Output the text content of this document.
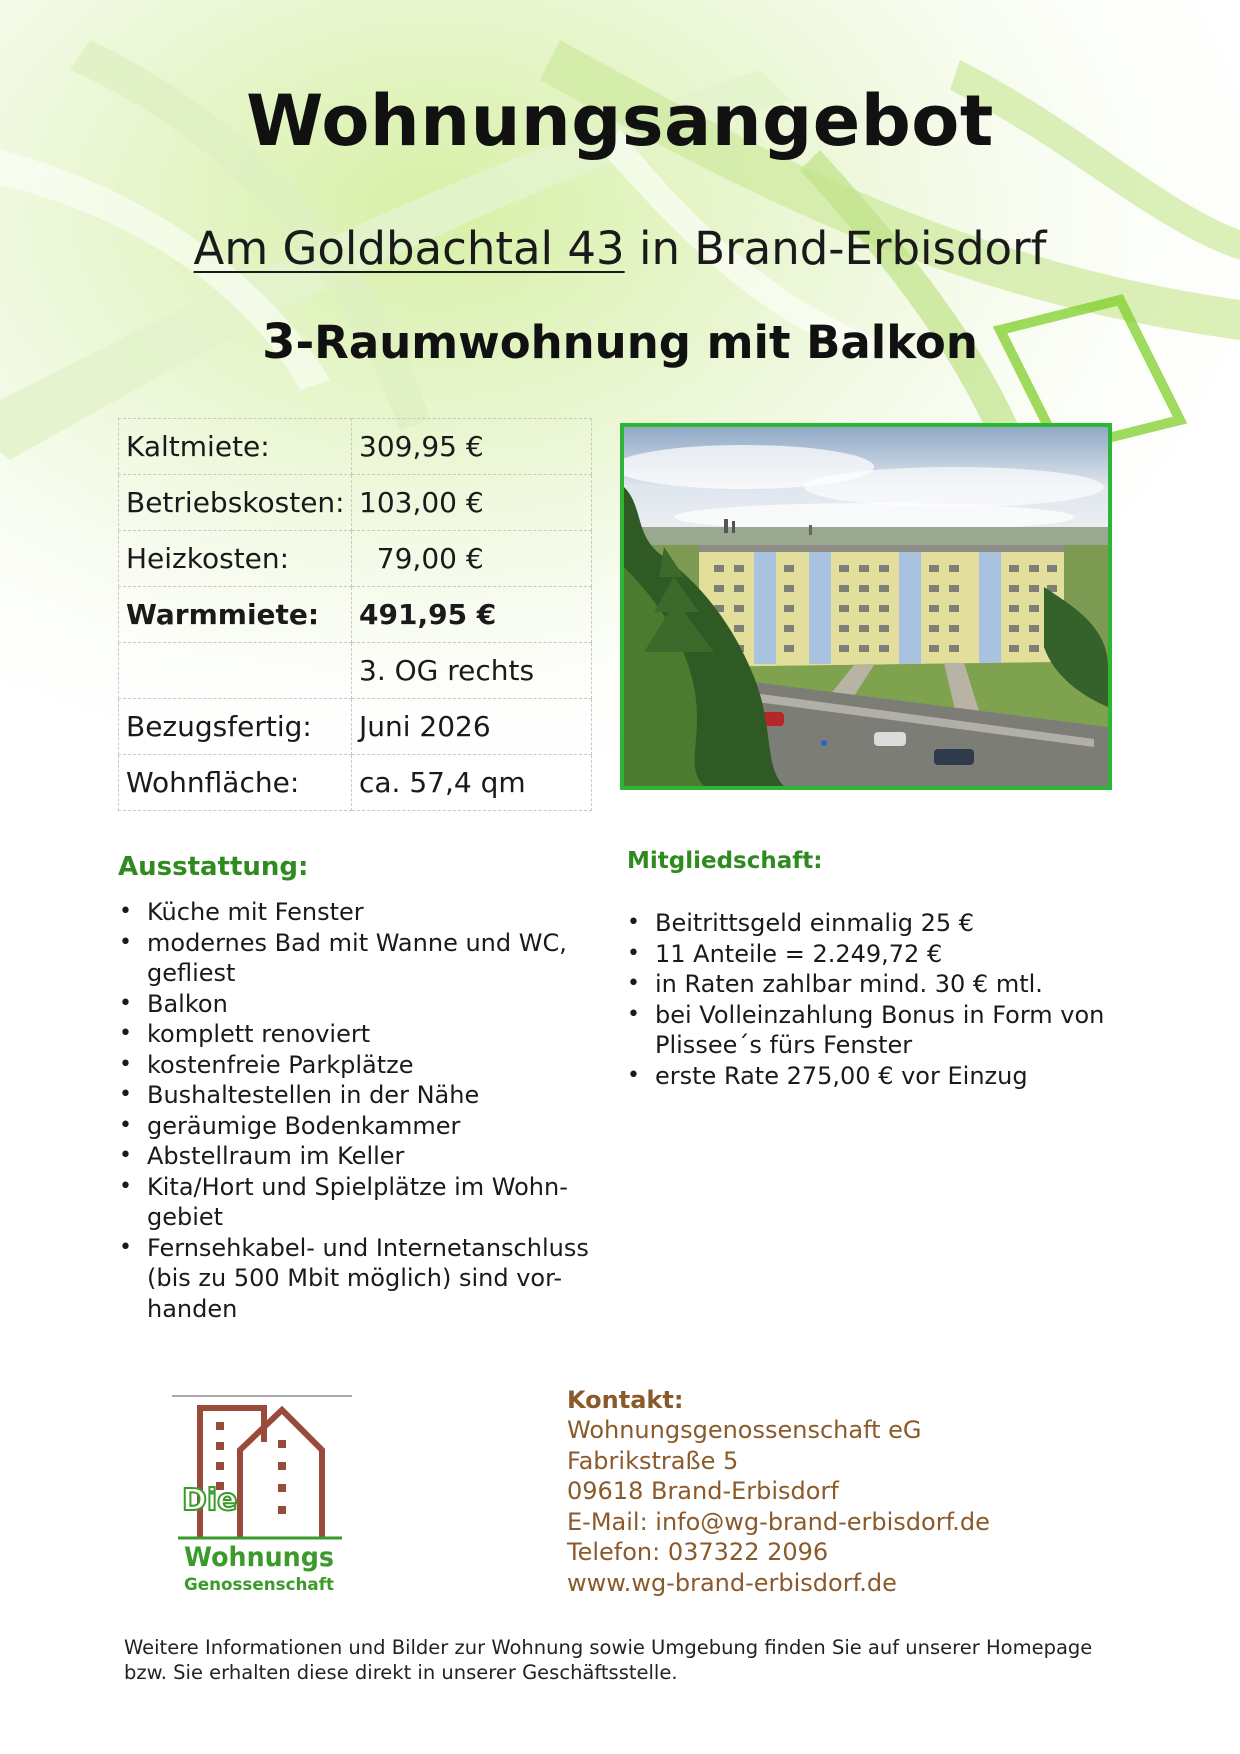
Wohnungsangebot
Am Goldbachtal 43 in Brand-Erbisdorf
3-Raumwohnung mit Balkon
Kaltmiete:	309,95 €
Betriebskosten:	103,00 €
Heizkosten:	79,00 €
Warmmiete:	491,95 €
	3. OG rechts
Bezugsfertig:	Juni 2026
Wohnfläche:	ca. 57,4 qm
Ausstattung:
• Küche mit Fenster
• modernes Bad mit Wanne und WC, gefliest
• Balkon
• komplett renoviert
• kostenfreie Parkplätze
• Bushaltestellen in der Nähe
• geräumige Bodenkammer
• Abstellraum im Keller
• Kita/Hort und Spielplätze im Wohn-gebiet
• Fernsehkabel- und Internetanschluss (bis zu 500 Mbit möglich) sind vor-handen
Mitgliedschaft:
• Beitrittsgeld einmalig 25 €
• 11 Anteile = 2.249,72 €
• in Raten zahlbar mind. 30 € mtl.
• bei Volleinzahlung Bonus in Form von Plissee´s fürs Fenster
• erste Rate 275,00 € vor Einzug
Die
Wohnungs
Genossenschaft
Kontakt:
Wohnungsgenossenschaft eG
Fabrikstraße 5
09618 Brand-Erbisdorf
E-Mail: info@wg-brand-erbisdorf.de
Telefon: 037322 2096
www.wg-brand-erbisdorf.de
Weitere Informationen und Bilder zur Wohnung sowie Umgebung finden Sie auf unserer Homepage bzw. Sie erhalten diese direkt in unserer Geschäftsstelle.
